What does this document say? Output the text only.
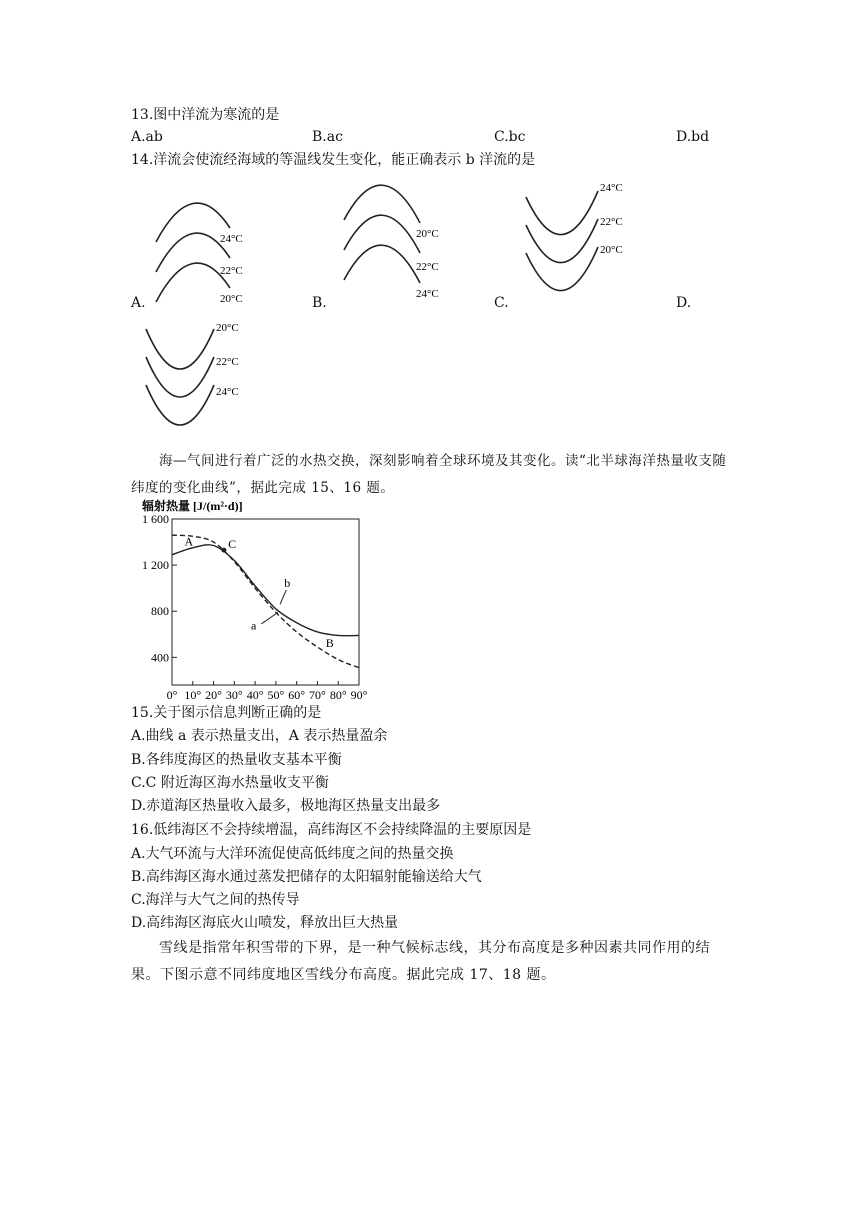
13.图中洋流为寒流的是
A.ab	B.ac	C.bc	D.bd
14.洋流会使流经海域的等温线发生变化，能正确表示 b 洋流的是
24°C
22°C
20°C
A.
20°C
22°C
24°C
B.
24°C
22°C
20°C
C.	D.
20°C
22°C
24°C
海—气间进行着广泛的水热交换，深刻影响着全球环境及其变化。读“北半球海洋热量收支随纬度的变化曲线”，据此完成 15、16 题。
辐射热量 [J/(m²·d)]
1 600
1 200
800
400
0° 10° 20° 30° 40° 50° 60° 70° 80° 90°
A	C
b
a
B
15.关于图示信息判断正确的是
A.曲线 a 表示热量支出，A 表示热量盈余
B.各纬度海区的热量收支基本平衡
C.C 附近海区海水热量收支平衡
D.赤道海区热量收入最多，极地海区热量支出最多
16.低纬海区不会持续增温，高纬海区不会持续降温的主要原因是
A.大气环流与大洋环流促使高低纬度之间的热量交换
B.高纬海区海水通过蒸发把储存的太阳辐射能输送给大气
C.海洋与大气之间的热传导
D.高纬海区海底火山喷发，释放出巨大热量
雪线是指常年积雪带的下界，是一种气候标志线，其分布高度是多种因素共同作用的结果。下图示意不同纬度地区雪线分布高度。据此完成 17、18 题。
